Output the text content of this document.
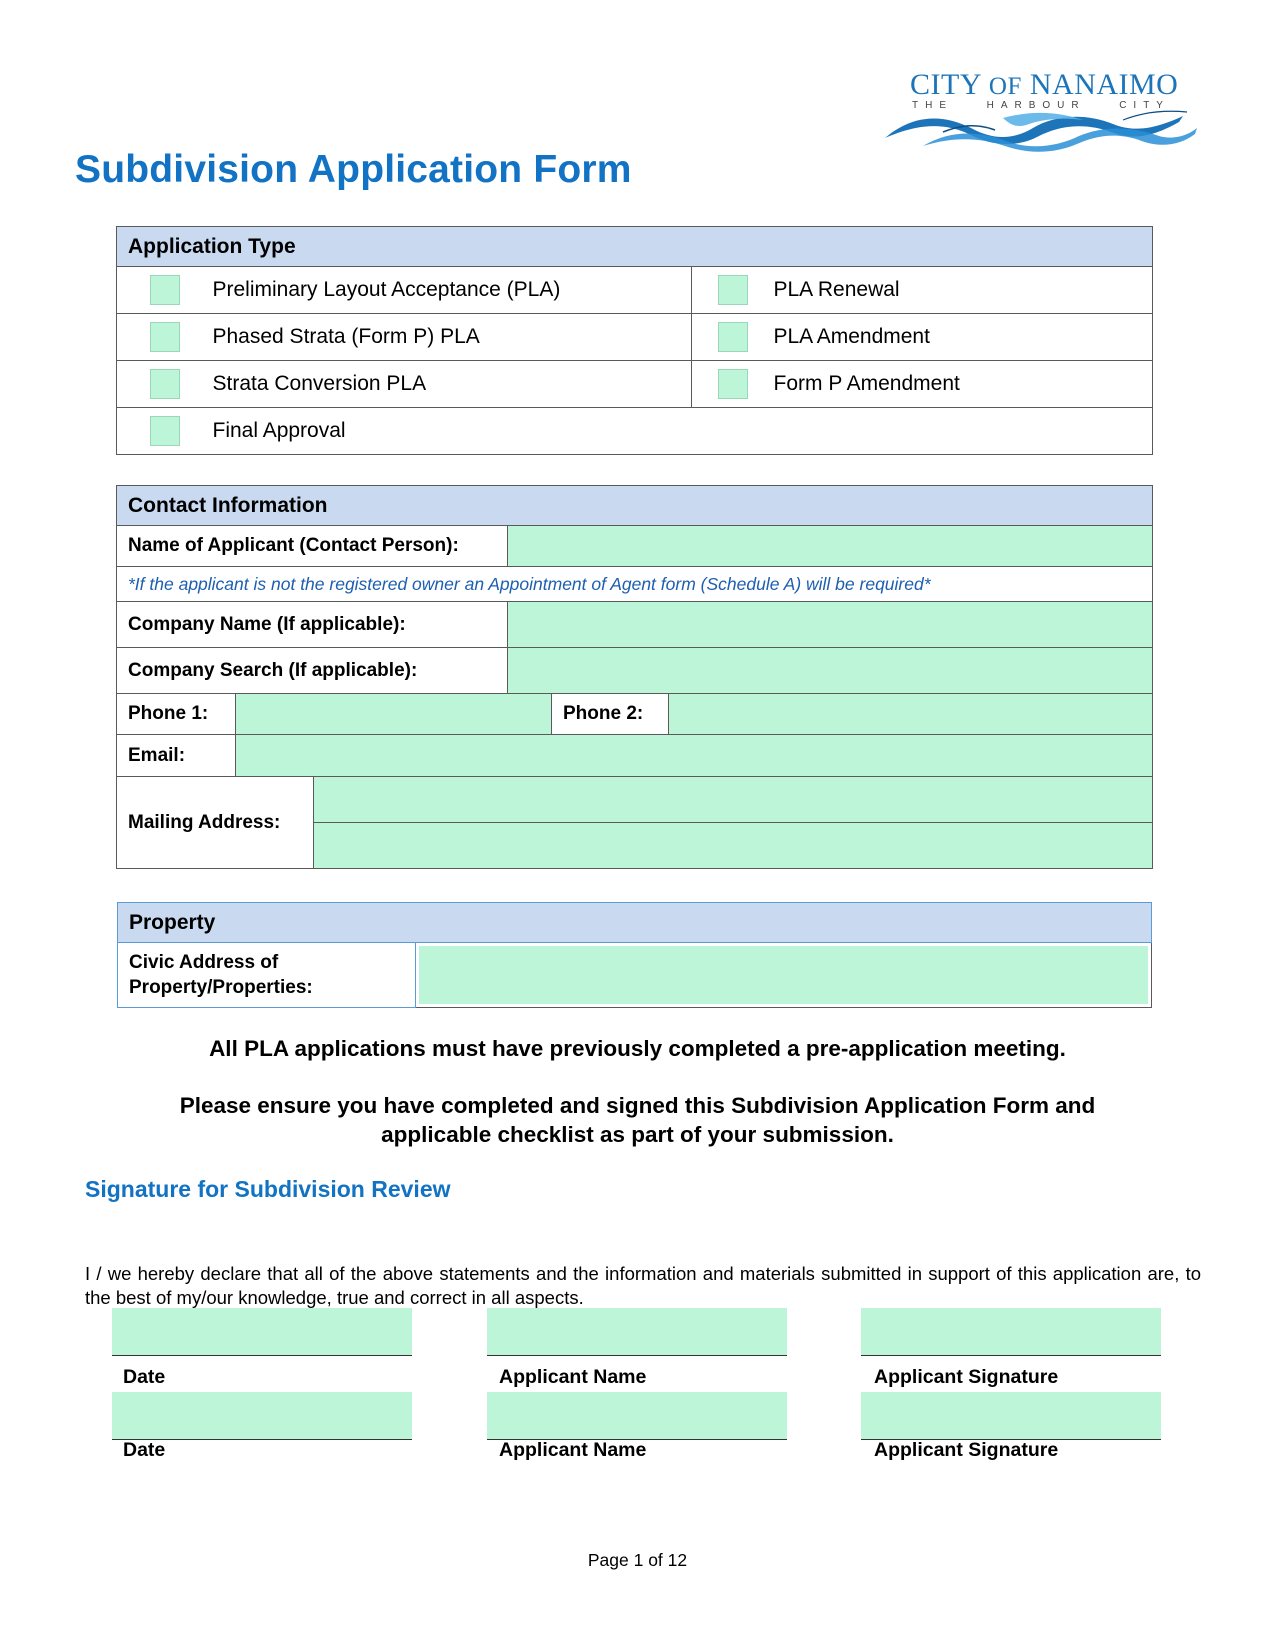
CITY OF NANAIMO
THE	HARBOUR	CITY
Subdivision Application Form
Application Type			
	Preliminary Layout Acceptance (PLA)		PLA Renewal
	Phased Strata (Form P) PLA		PLA Amendment
	Strata Conversion PLA		Form P Amendment
	Final Approval		
Contact Information					
Name of Applicant (Contact Person):					
*If the applicant is not the registered owner an Appointment of Agent form (Schedule A) will be required*					
Company Name (If applicable):					
Company Search (If applicable):					
Phone 1:				Phone 2:	
Email:					
Mailing Address:					

Property
Civic Address of
Property/Properties:	
All PLA applications must have previously completed a pre-application meeting.
Please ensure you have completed and signed this Subdivision Application Form and
applicable checklist as part of your submission.
Signature for Subdivision Review
I / we hereby declare that all of the above statements and the information and materials submitted in support of this application are, to the best of my/our knowledge, true and correct in all aspects.
Date	Applicant Name	Applicant Signature
Date	Applicant Name	Applicant Signature
Page 1 of 12
